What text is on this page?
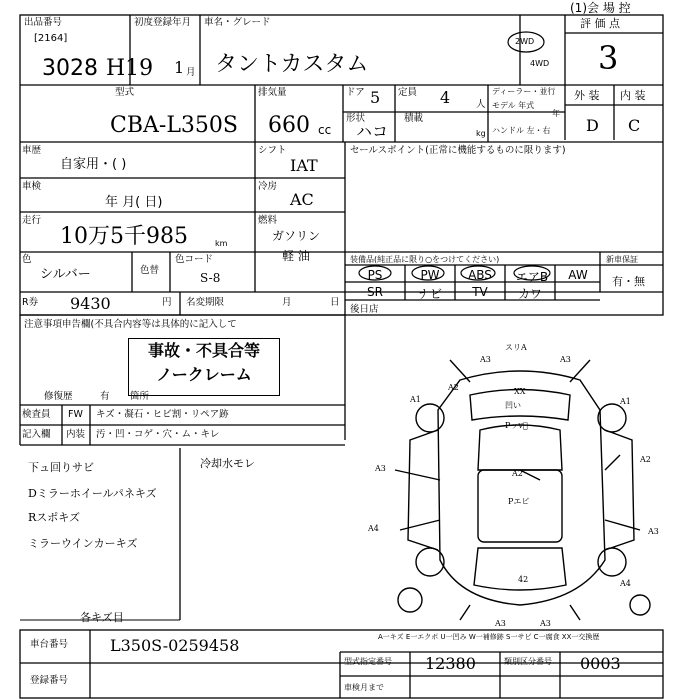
(1)会 場 控
出品番号
[2164]
3028
初度登録年月
H19 1 月
車名・グレード
タントカスタム
2WD
4WD
評 価 点
3
型式
CBA-L350S
排気量
660 cc
ドア 5 定員 4	人
形状
ハコ
積載
kg
ディーラー・並行
モデル 年式
年
ハンドル 左・右
外 装 内 装
D C
車歴
自家用・( )
シフト
IAT
車検
年 月( 日)
冷房
AC
走行
10万5千985	km
燃料
ガソリン
軽 油
色
シルバー	色替
色コード
S-8
R券 9430	円 名変期限	月	日
セールスポイント(正常に機能するものに限ります)
装備品(純正品に限り○をつけてください)	新車保証
有・無
PS	PW	ABS	エアB	AW
SR	ナビ	TV	カワ
後日店
注意事項申告欄(不具合内容等は具体的に記入して
事故・不具合等
ノークレーム
修復歴	有 箇所
検査員
記入欄
FW キズ・凝石・ヒビ割・リペア跡
内装 汚・凹・コゲ・穴・ム・キレ
下ュ回りサビ
Dミラーホイールパネキズ
Rスポキズ
ミラーウインカーキズ
冷却水モレ
各キズ目
A3
スリA
A3
A1	A1
A2
A3
A2
A4	A3
A4
A3	A3
A2
Pエビ
XX
凹い
Pッv゙
42
A一キズ E一エクボ U一凹み W一補修跡 S一サビ C一腐食 XX一交換歴
車台番号	L350S-0259458
登録番号
型式指定番号 12380	類別区分番号 0003
車検月まで
